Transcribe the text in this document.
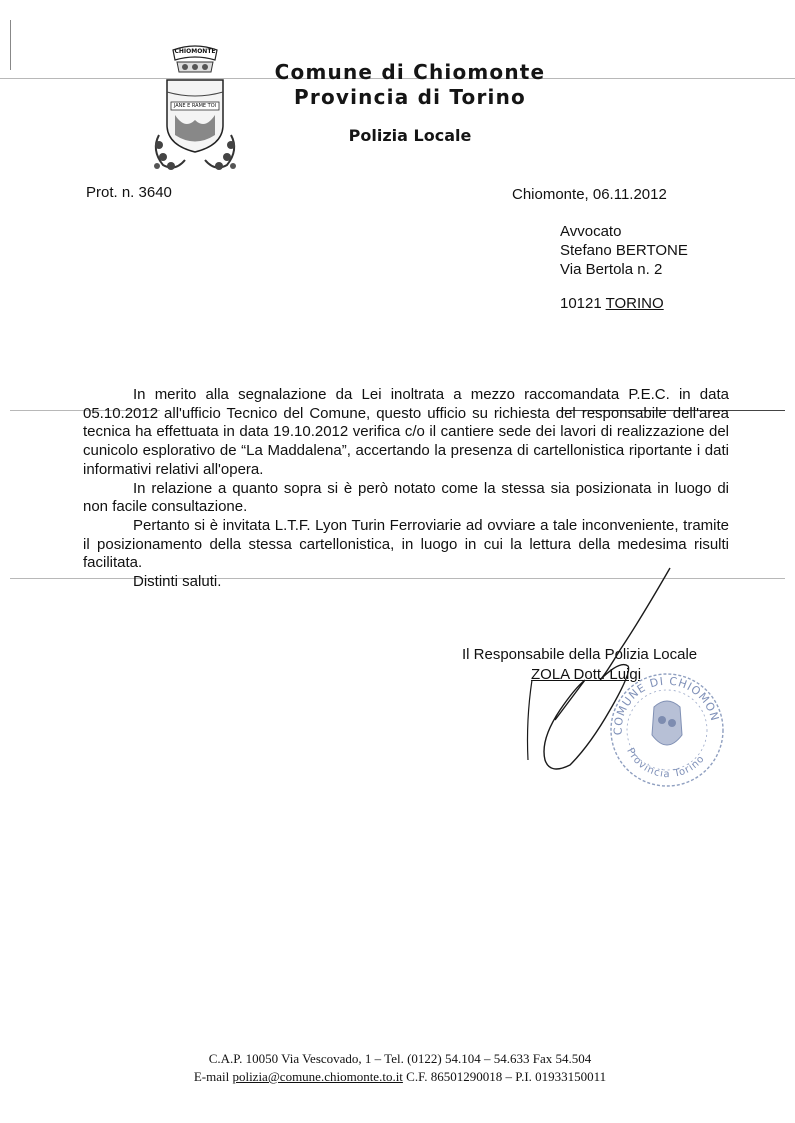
CHIOMONTE
JANE E RAME TOI
Comune di Chiomonte
Provincia di Torino
Polizia Locale
Prot. n. 3640	Chiomonte, 06.11.2012
Avvocato
Stefano BERTONE
Via Bertola n. 2
10121 TORINO

In merito alla segnalazione da Lei inoltrata a mezzo raccomandata P.E.C. in data 05.10.2012 all'ufficio Tecnico del Comune, questo ufficio su richiesta del responsabile dell'area tecnica ha effettuata in data 19.10.2012 verifica c/o il cantiere sede dei lavori di realizzazione del cunicolo esplorativo de “La Maddalena”, accertando la presenza di cartellonistica riportante i dati informativi relativi all'opera.

In relazione a quanto sopra si è però notato come la stessa sia posizionata in luogo di non facile consultazione.

Pertanto si è invitata L.T.F. Lyon Turin Ferroviarie ad ovviare a tale inconveniente, tramite il posizionamento della stessa cartellonistica, in luogo in cui la lettura della medesima risulti facilitata.

Distinti saluti.

Il Responsabile della Polizia Locale
ZOLA Dott. Luigi
COMUNE DI CHIOMON
Provincia Torino
C.A.P. 10050 Via Vescovado, 1 – Tel. (0122) 54.104 – 54.633 Fax 54.504
E-mail polizia@comune.chiomonte.to.it C.F. 86501290018 – P.I. 01933150011
